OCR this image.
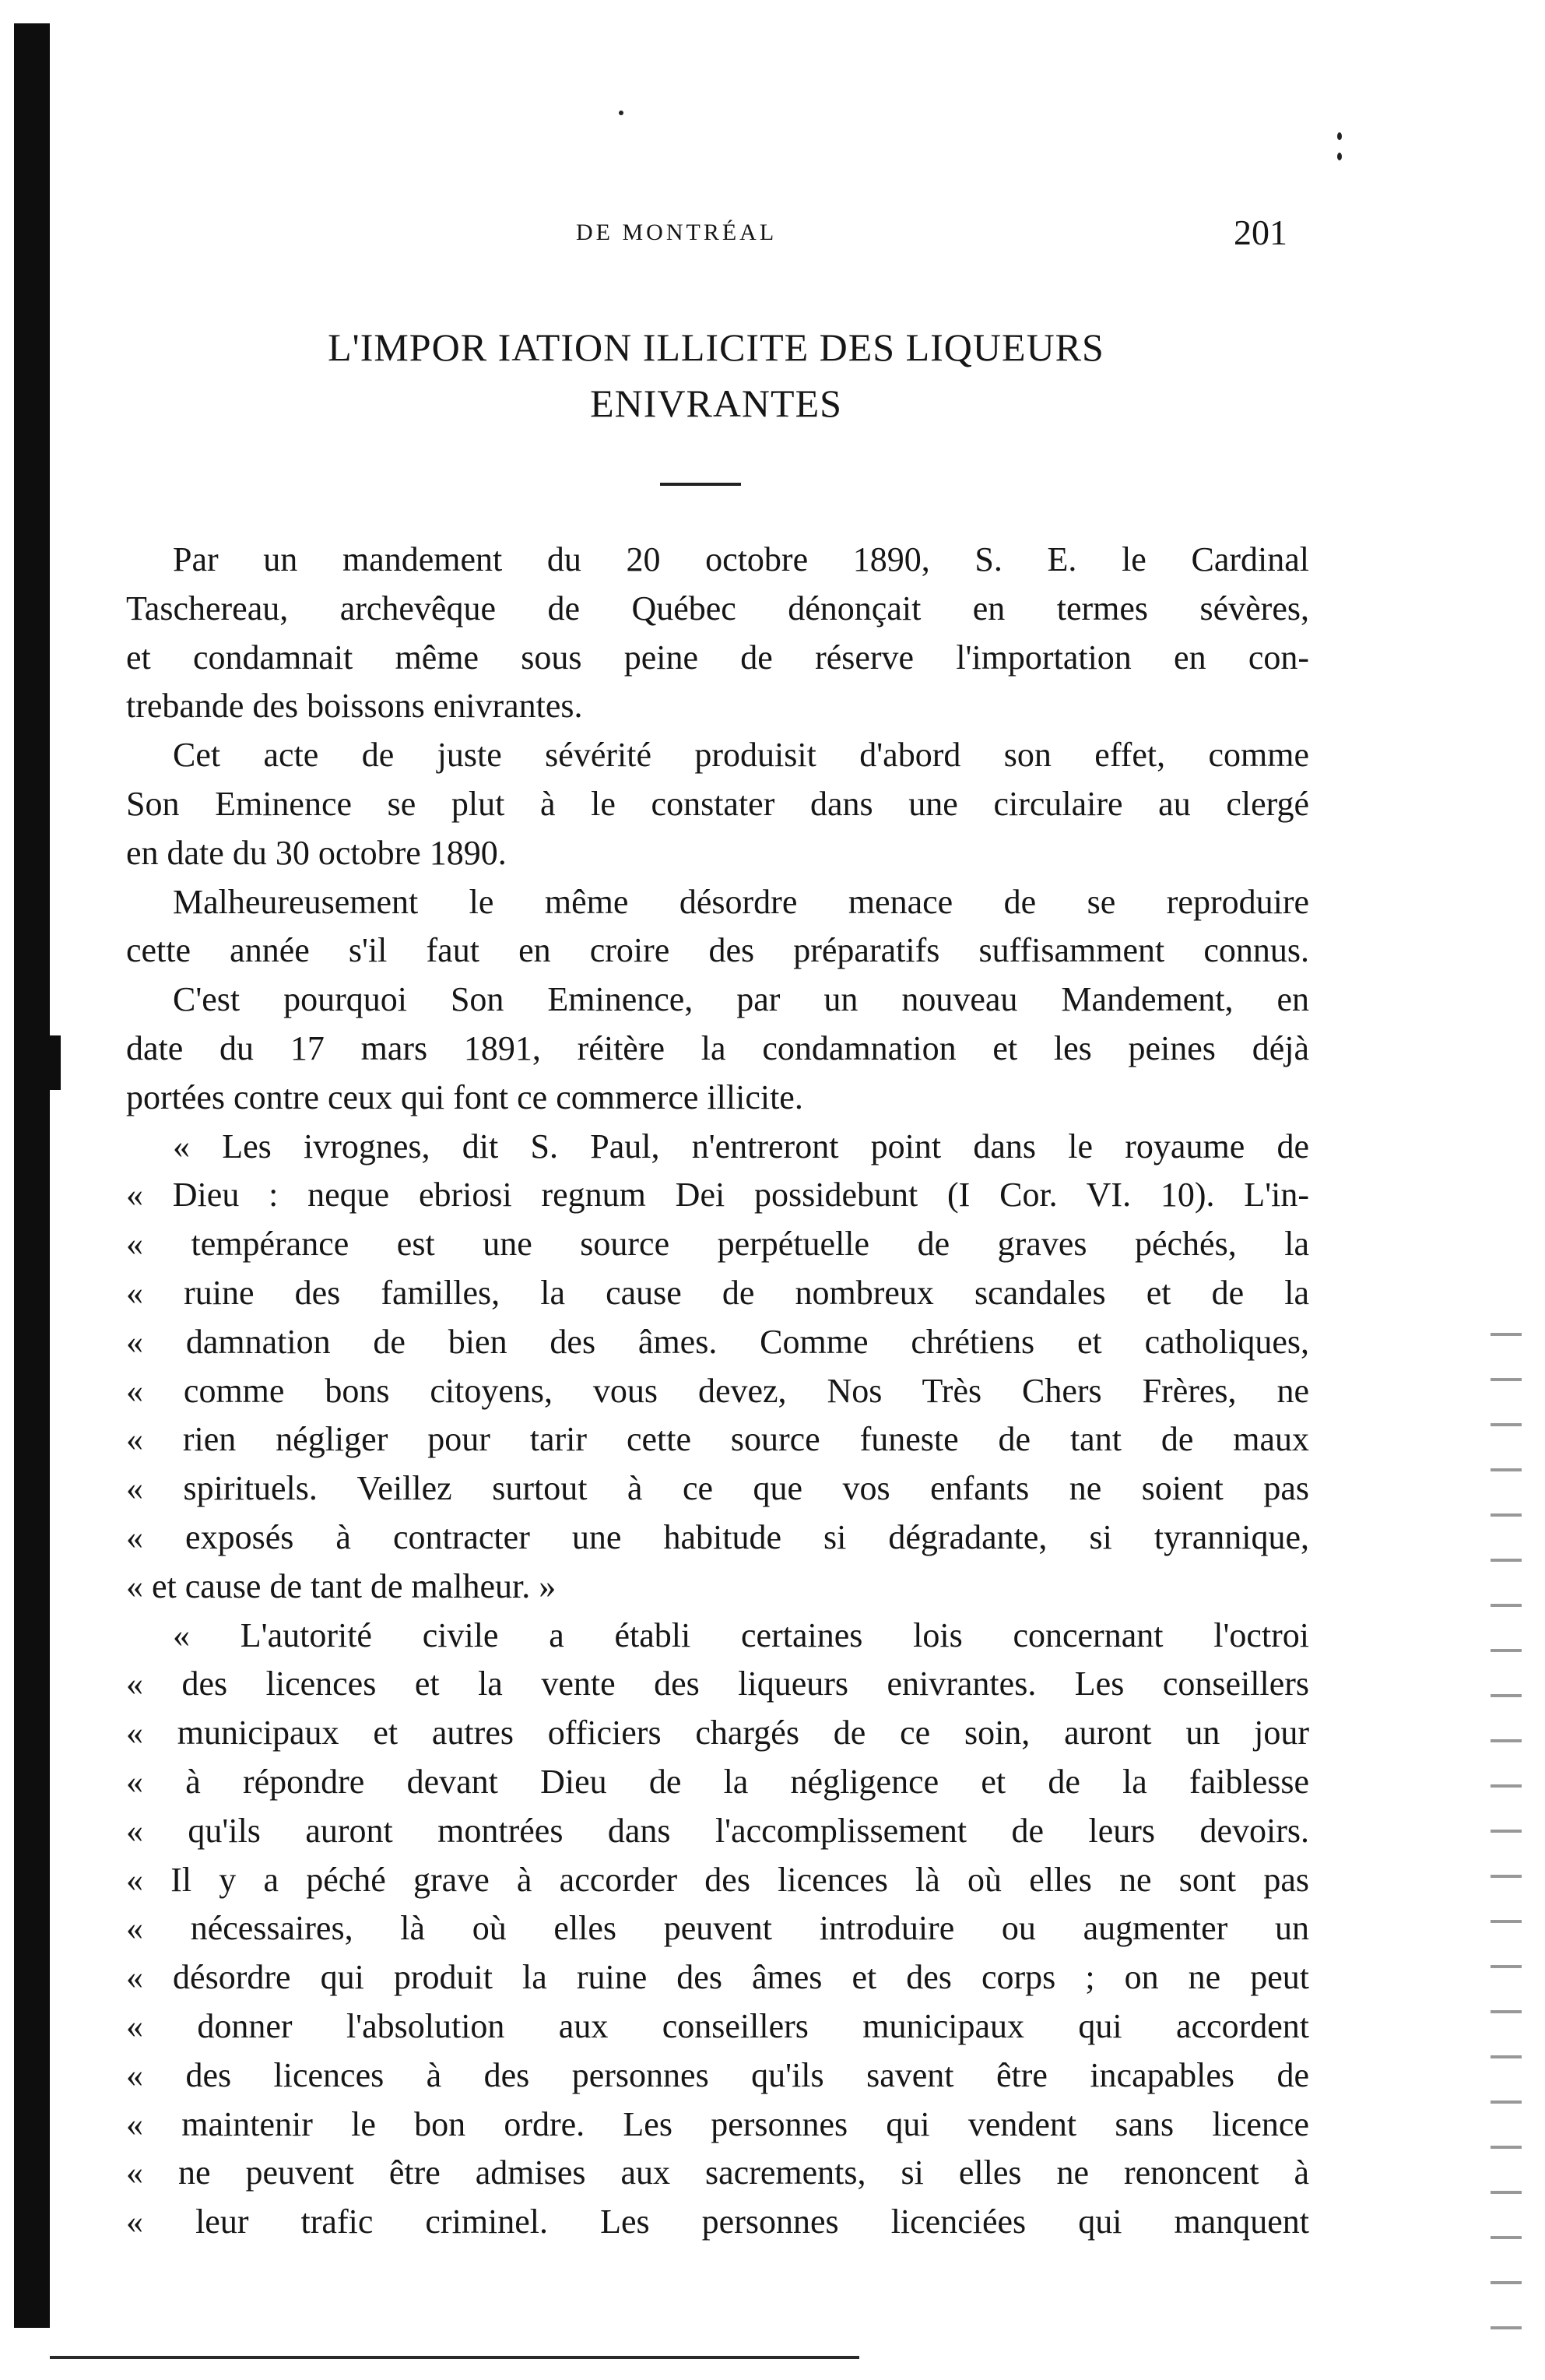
DE MONTRÉAL	201
L'IMPOR IATION ILLICITE DES LIQUEURS
ENIVRANTES
Par un mandement du 20 octobre 1890, S. E. le Cardinal
Taschereau, archevêque de Québec dénonçait en termes sévères,
et condamnait même sous peine de réserve l'importation en con-
trebande des boissons enivrantes.
Cet acte de juste sévérité produisit d'abord son effet, comme
Son Eminence se plut à le constater dans une circulaire au clergé
en date du 30 octobre 1890.
Malheureusement le même désordre menace de se reproduire
cette année s'il faut en croire des préparatifs suffisamment connus.
C'est pourquoi Son Eminence, par un nouveau Mandement, en
date du 17 mars 1891, réitère la condamnation et les peines déjà
portées contre ceux qui font ce commerce illicite.
« Les ivrognes, dit S. Paul, n'entreront point dans le royaume de
« Dieu : neque ebriosi regnum Dei possidebunt (I Cor. VI. 10). L'in-
« tempérance est une source perpétuelle de graves péchés, la
« ruine des familles, la cause de nombreux scandales et de la
« damnation de bien des âmes. Comme chrétiens et catholiques,
« comme bons citoyens, vous devez, Nos Très Chers Frères, ne
« rien négliger pour tarir cette source funeste de tant de maux
« spirituels. Veillez surtout à ce que vos enfants ne soient pas
« exposés à contracter une habitude si dégradante, si tyrannique,
« et cause de tant de malheur. »
« L'autorité civile a établi certaines lois concernant l'octroi
« des licences et la vente des liqueurs enivrantes. Les conseillers
« municipaux et autres officiers chargés de ce soin, auront un jour
« à répondre devant Dieu de la négligence et de la faiblesse
« qu'ils auront montrées dans l'accomplissement de leurs devoirs.
« Il y a péché grave à accorder des licences là où elles ne sont pas
« nécessaires, là où elles peuvent introduire ou augmenter un
« désordre qui produit la ruine des âmes et des corps ; on ne peut
« donner l'absolution aux conseillers municipaux qui accordent
« des licences à des personnes qu'ils savent être incapables de
« maintenir le bon ordre. Les personnes qui vendent sans licence
« ne peuvent être admises aux sacrements, si elles ne renoncent à
« leur trafic criminel. Les personnes licenciées qui manquent
